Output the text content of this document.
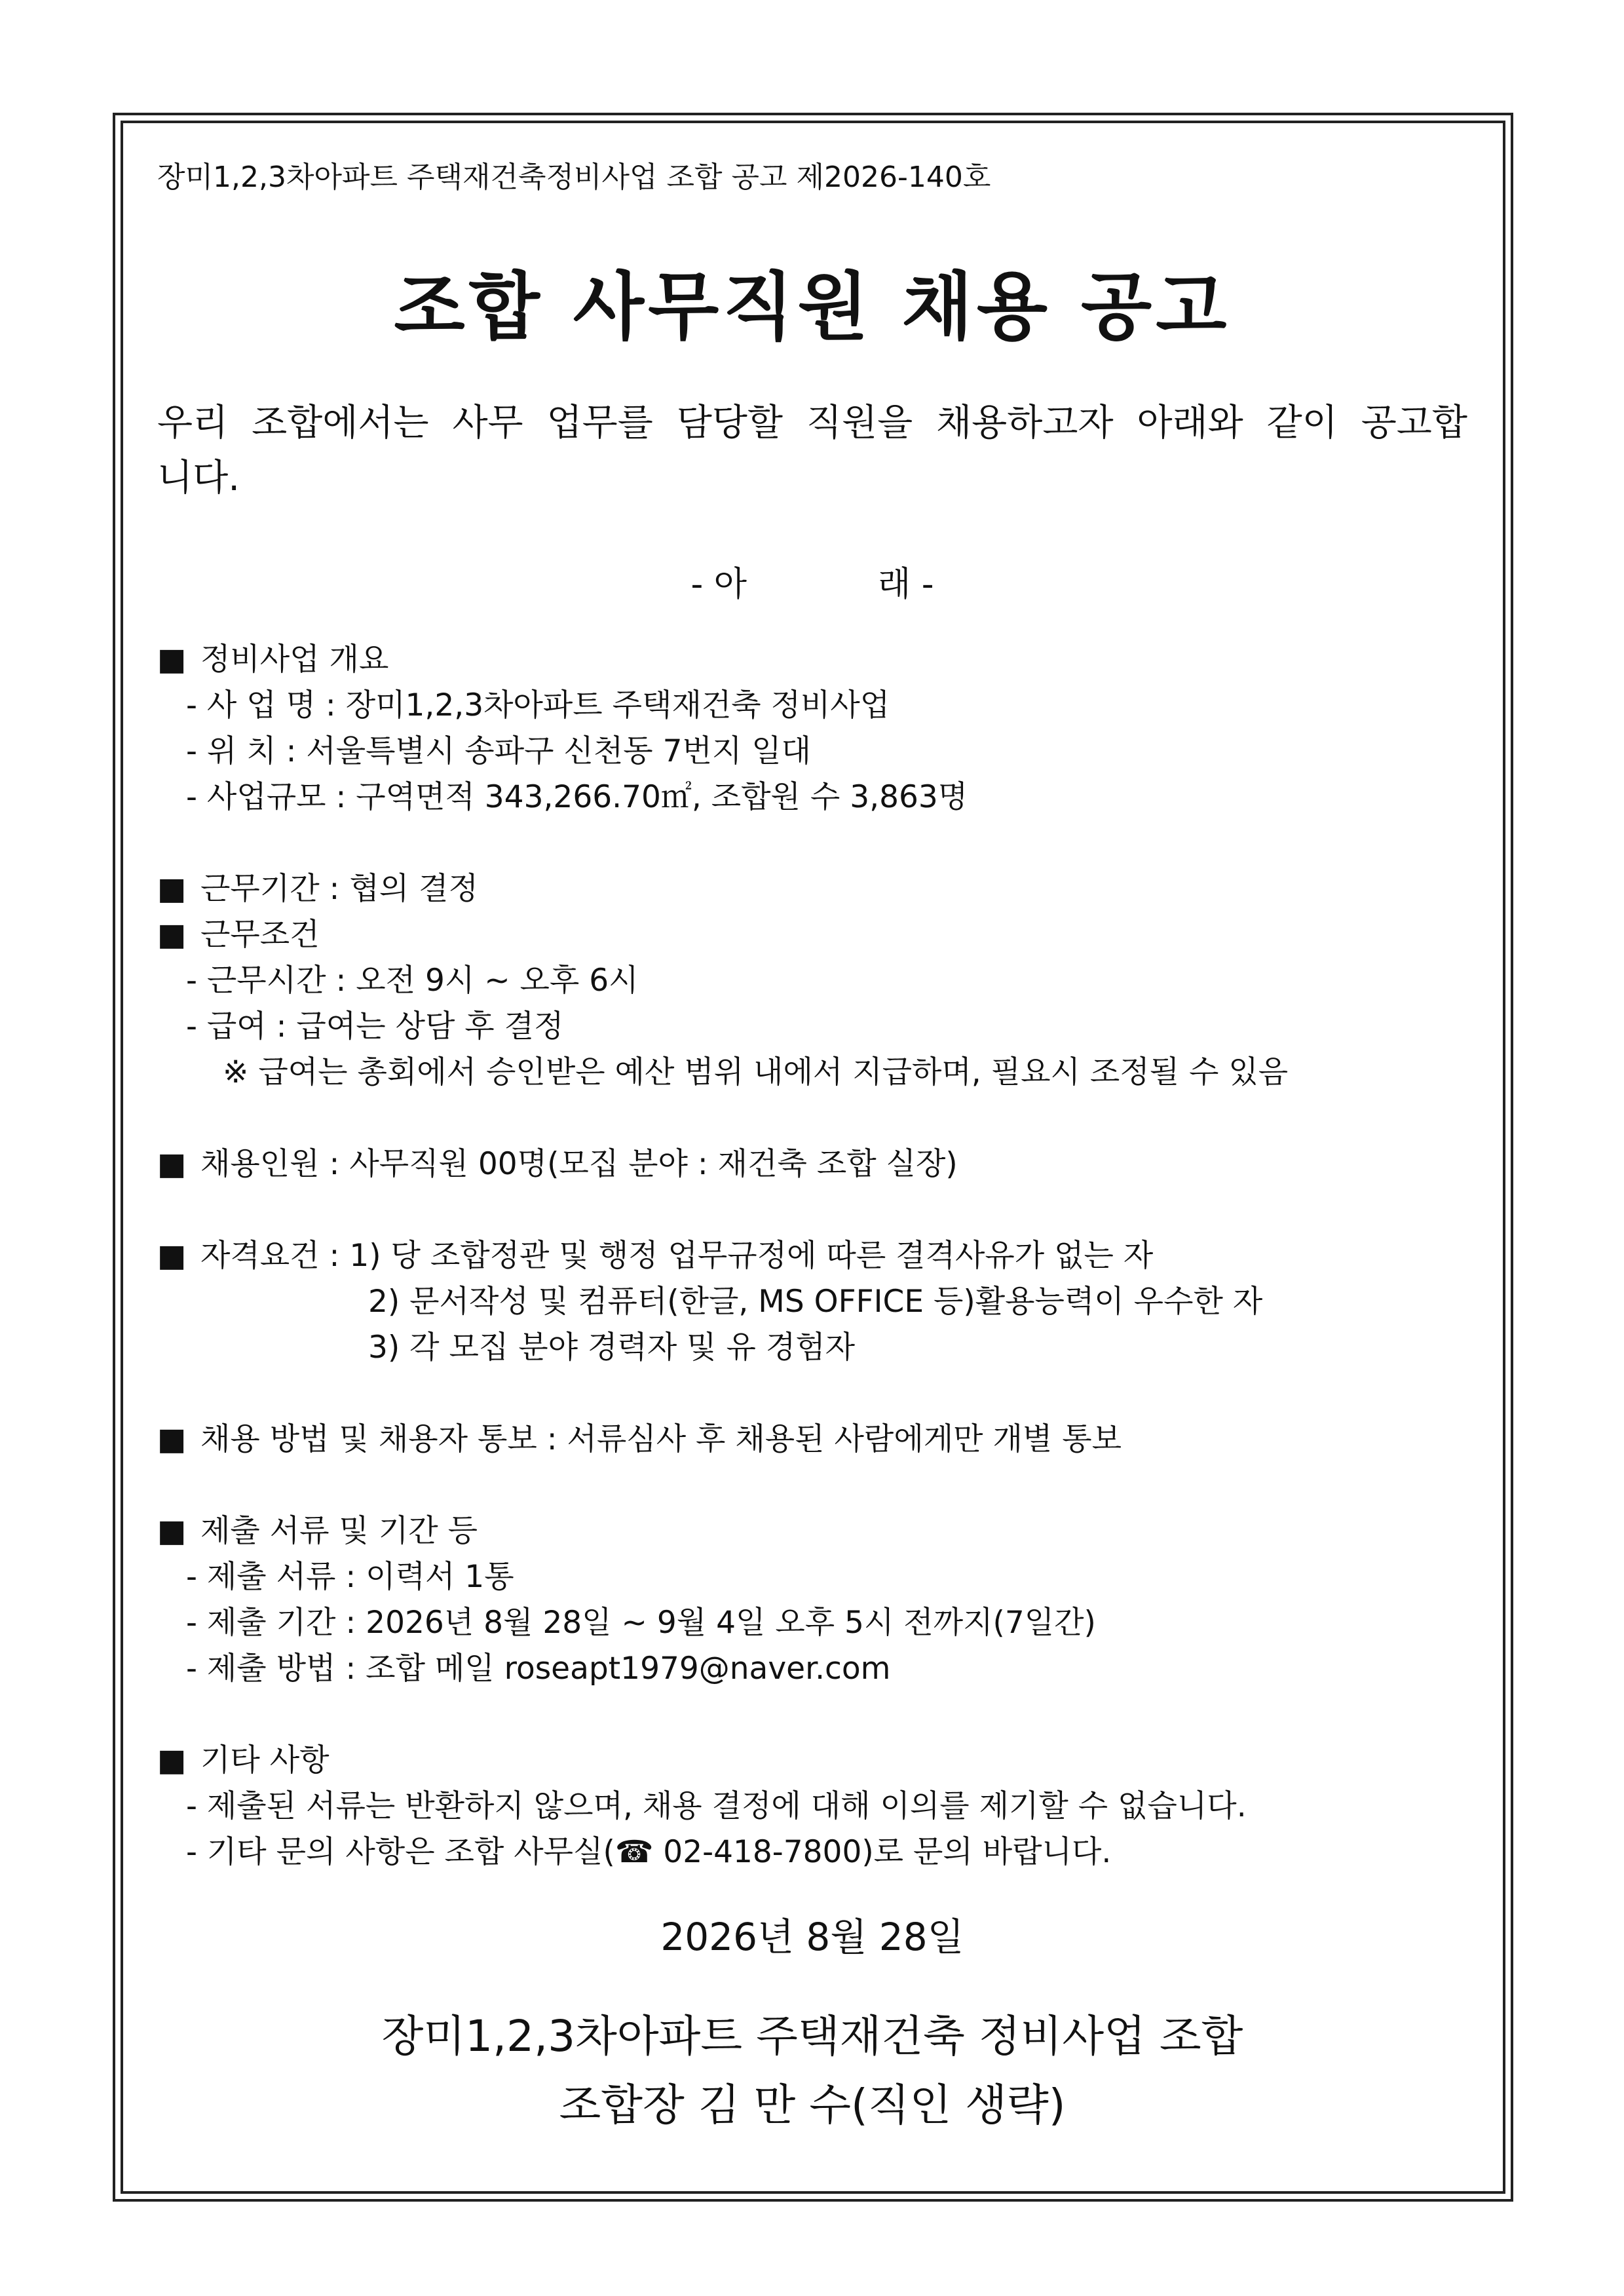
장미1,2,3차아파트 주택재건축정비사업 조합 공고 제2026-140호
조합 사무직원 채용 공고
우리 조합에서는 사무 업무를 담당할 직원을 채용하고자 아래와 같이 공고합니다.
- 아	래 -
■ 정비사업 개요
- 사 업 명 : 장미1,2,3차아파트 주택재건축 정비사업
- 위 치 : 서울특별시 송파구 신천동 7번지 일대
- 사업규모 : 구역면적 343,266.70㎡, 조합원 수 3,863명
■ 근무기간 : 협의 결정
■ 근무조건
- 근무시간 : 오전 9시 ~ 오후 6시
- 급여 : 급여는 상담 후 결정
※ 급여는 총회에서 승인받은 예산 범위 내에서 지급하며, 필요시 조정될 수 있음
■ 채용인원 : 사무직원 00명(모집 분야 : 재건축 조합 실장)
■ 자격요건 : 1) 당 조합정관 및 행정 업무규정에 따른 결격사유가 없는 자
2) 문서작성 및 컴퓨터(한글, MS OFFICE 등)활용능력이 우수한 자
3) 각 모집 분야 경력자 및 유 경험자
■ 채용 방법 및 채용자 통보 : 서류심사 후 채용된 사람에게만 개별 통보
■ 제출 서류 및 기간 등
- 제출 서류 : 이력서 1통
- 제출 기간 : 2026년 8월 28일 ~ 9월 4일 오후 5시 전까지(7일간)
- 제출 방법 : 조합 메일 roseapt1979@naver.com
■ 기타 사항
- 제출된 서류는 반환하지 않으며, 채용 결정에 대해 이의를 제기할 수 없습니다.
- 기타 문의 사항은 조합 사무실(☎ 02-418-7800)로 문의 바랍니다.
2026년 8월 28일
장미1,2,3차아파트 주택재건축 정비사업 조합
조합장 김 만 수(직인 생략)
